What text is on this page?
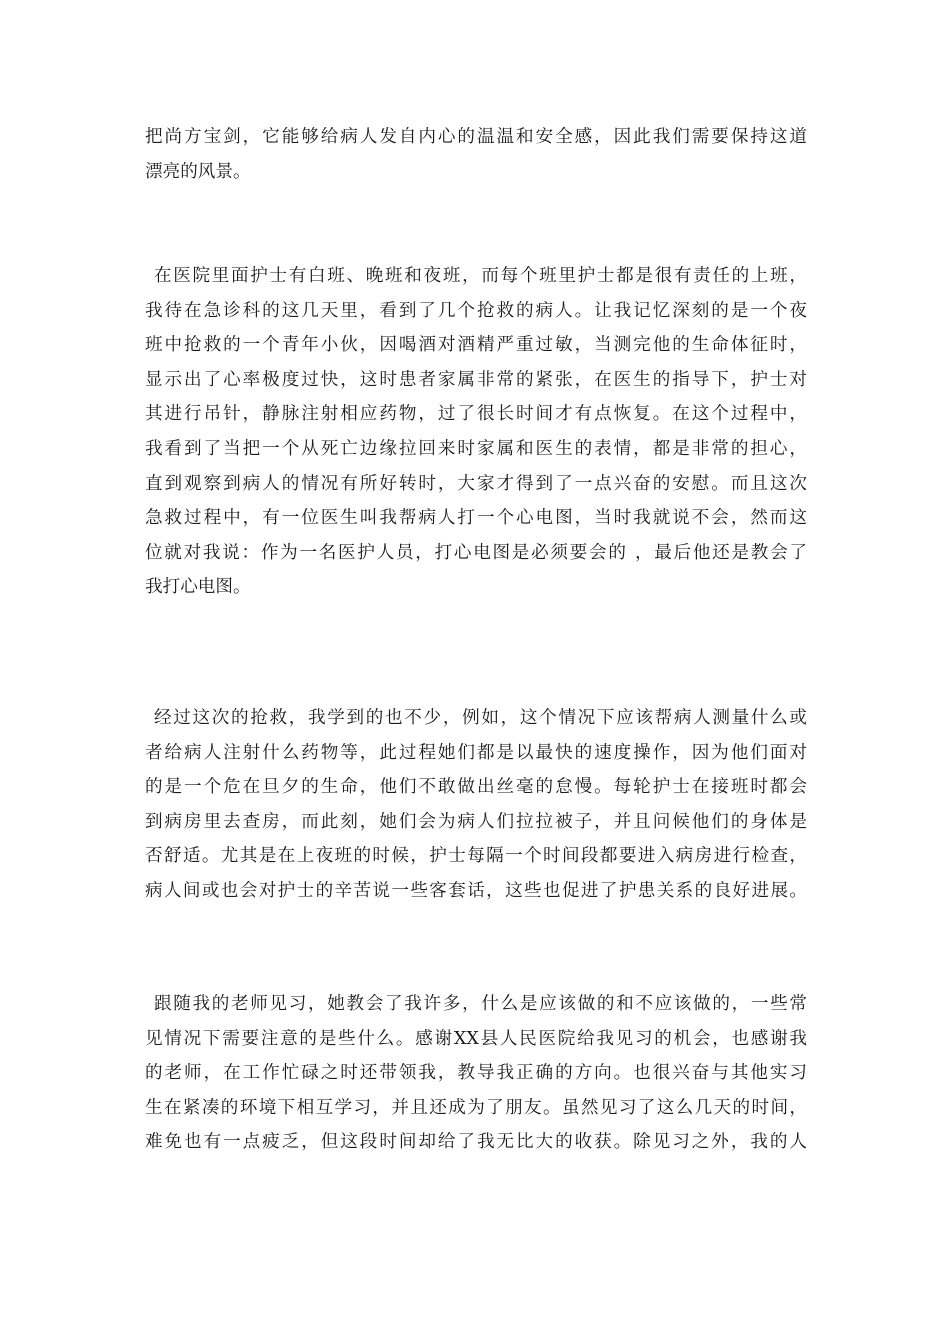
把尚方宝剑，它能够给病人发自内心的温温和安全感，因此我们需要保持这道
漂亮的风景。
在医院里面护士有白班、晚班和夜班，而每个班里护士都是很有责任的上班，
我待在急诊科的这几天里，看到了几个抢救的病人。让我记忆深刻的是一个夜
班中抢救的一个青年小伙，因喝酒对酒精严重过敏，当测完他的生命体征时，
显示出了心率极度过快，这时患者家属非常的紧张，在医生的指导下，护士对
其进行吊针，静脉注射相应药物，过了很长时间才有点恢复。在这个过程中，
我看到了当把一个从死亡边缘拉回来时家属和医生的表情，都是非常的担心，
直到观察到病人的情况有所好转时，大家才得到了一点兴奋的安慰。而且这次
急救过程中，有一位医生叫我帮病人打一个心电图，当时我就说不会，然而这
位就对我说：作为一名医护人员，打心电图是必须要会的 ，最后他还是教会了
我打心电图。
经过这次的抢救，我学到的也不少，例如，这个情况下应该帮病人测量什么或
者给病人注射什么药物等，此过程她们都是以最快的速度操作，因为他们面对
的是一个危在旦夕的生命，他们不敢做出丝毫的怠慢。每轮护士在接班时都会
到病房里去查房，而此刻，她们会为病人们拉拉被子，并且问候他们的身体是
否舒适。尤其是在上夜班的时候，护士每隔一个时间段都要进入病房进行检查，
病人间或也会对护士的辛苦说一些客套话，这些也促进了护患关系的良好进展。
跟随我的老师见习，她教会了我许多，什么是应该做的和不应该做的，一些常
见情况下需要注意的是些什么。感谢XX县人民医院给我见习的机会，也感谢我
的老师，在工作忙碌之时还带领我，教导我正确的方向。也很兴奋与其他实习
生在紧凑的环境下相互学习，并且还成为了朋友。虽然见习了这么几天的时间，
难免也有一点疲乏，但这段时间却给了我无比大的收获。除见习之外，我的人
